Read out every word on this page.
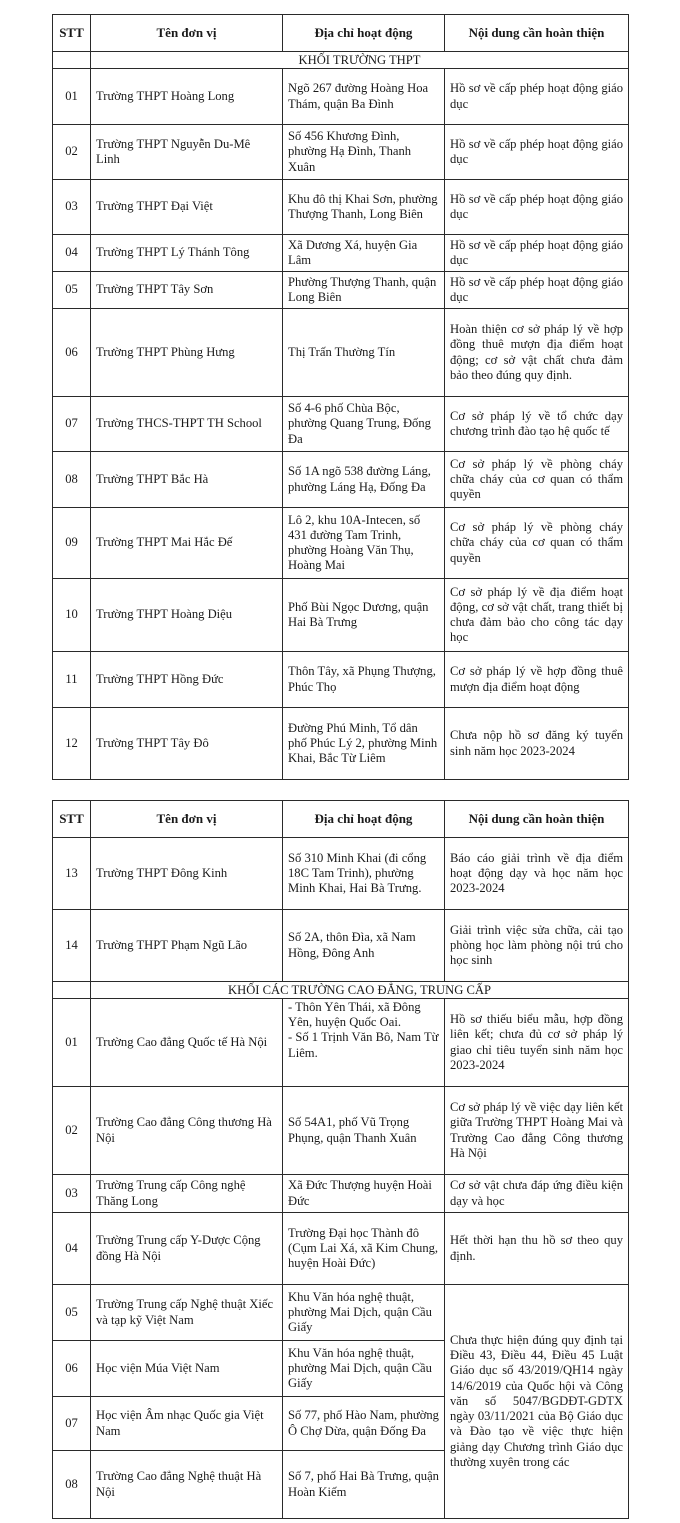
STT	Tên đơn vị	Địa chỉ hoạt động	Nội dung cần hoàn thiện
	KHỐI TRƯỜNG THPT		
01	Trường THPT Hoàng Long	Ngõ 267 đường Hoàng Hoa Thám, quận Ba Đình	Hồ sơ về cấp phép hoạt động giáo dục
02	Trường THPT Nguyễn Du-Mê Linh	Số 456 Khương Đình, phường Hạ Đình, Thanh Xuân	Hồ sơ về cấp phép hoạt động giáo dục
03	Trường THPT Đại Việt	Khu đô thị Khai Sơn, phường Thượng Thanh, Long Biên	Hồ sơ về cấp phép hoạt động giáo dục
04	Trường THPT Lý Thánh Tông	Xã Dương Xá, huyện Gia Lâm	Hồ sơ về cấp phép hoạt động giáo dục
05	Trường THPT Tây Sơn	Phường Thượng Thanh, quận Long Biên	Hồ sơ về cấp phép hoạt động giáo dục
06	Trường THPT Phùng Hưng	Thị Trấn Thường Tín	Hoàn thiện cơ sở pháp lý về hợp đồng thuê mượn địa điểm hoạt động; cơ sở vật chất chưa đảm bảo theo đúng quy định.
07	Trường THCS-THPT TH School	Số 4-6 phố Chùa Bộc, phường Quang Trung, Đống Đa	Cơ sở pháp lý về tổ chức dạy chương trình đào tạo hệ quốc tế
08	Trường THPT Bắc Hà	Số 1A ngõ 538 đường Láng, phường Láng Hạ, Đống Đa	Cơ sở pháp lý về phòng cháy chữa cháy của cơ quan có thẩm quyền
09	Trường THPT Mai Hắc Đế	Lô 2, khu 10A-Intecen, số 431 đường Tam Trinh, phường Hoàng Văn Thụ, Hoàng Mai	Cơ sở pháp lý về phòng cháy chữa cháy của cơ quan có thẩm quyền
10	Trường THPT Hoàng Diệu	Phố Bùi Ngọc Dương, quận Hai Bà Trưng	Cơ sở pháp lý về địa điểm hoạt động, cơ sở vật chất, trang thiết bị chưa đảm bảo cho công tác dạy học
11	Trường THPT Hồng Đức	Thôn Tây, xã Phụng Thượng, Phúc Thọ	Cơ sở pháp lý về hợp đồng thuê mượn địa điểm hoạt động
12	Trường THPT Tây Đô	Đường Phú Minh, Tổ dân phố Phúc Lý 2, phường Minh Khai, Bắc Từ Liêm	Chưa nộp hồ sơ đăng ký tuyển sinh năm học 2023-2024
STT	Tên đơn vị	Địa chỉ hoạt động	Nội dung cần hoàn thiện
13	Trường THPT Đông Kinh	Số 310 Minh Khai (đi cổng 18C Tam Trinh), phường Minh Khai, Hai Bà Trưng.	Báo cáo giải trình về địa điểm hoạt động dạy và học năm học 2023-2024
14	Trường THPT Phạm Ngũ Lão	Số 2A, thôn Đìa, xã Nam Hồng, Đông Anh	Giải trình việc sửa chữa, cải tạo phòng học làm phòng nội trú cho học sinh
	KHỐI CÁC TRƯỜNG CAO ĐẲNG, TRUNG CẤP		
01	Trường Cao đẳng Quốc tế Hà Nội	- Thôn Yên Thái, xã Đông Yên, huyện Quốc Oai.
- Số 1 Trịnh Văn Bô, Nam Từ Liêm.	Hồ sơ thiếu biểu mẫu, hợp đồng liên kết; chưa đủ cơ sở pháp lý giao chỉ tiêu tuyển sinh năm học 2023-2024
02	Trường Cao đẳng Công thương Hà Nội	Số 54A1, phố Vũ Trọng Phụng, quận Thanh Xuân	Cơ sở pháp lý về việc dạy liên kết giữa Trường THPT Hoàng Mai và Trường Cao đẳng Công thương Hà Nội
03	Trường Trung cấp Công nghệ Thăng Long	Xã Đức Thượng huyện Hoài Đức	Cơ sở vật chưa đáp ứng điều kiện dạy và học
04	Trường Trung cấp Y-Dược Cộng đồng Hà Nội	Trường Đại học Thành đô (Cụm Lai Xá, xã Kim Chung, huyện Hoài Đức)	Hết thời hạn thu hồ sơ theo quy định.
05	Trường Trung cấp Nghệ thuật Xiếc và tạp kỹ Việt Nam	Khu Văn hóa nghệ thuật, phường Mai Dịch, quận Cầu Giấy	Chưa thực hiện đúng quy định tại Điều 43, Điều 44, Điều 45 Luật Giáo dục số 43/2019/QH14 ngày 14/6/2019 của Quốc hội và Công văn số 5047/BGDĐT-GDTX ngày 03/11/2021 của Bộ Giáo dục và Đào tạo về việc thực hiện giảng dạy Chương trình Giáo dục thường xuyên trong các
06	Học viện Múa Việt Nam	Khu Văn hóa nghệ thuật, phường Mai Dịch, quận Cầu Giấy	
07	Học viện Âm nhạc Quốc gia Việt Nam	Số 77, phố Hào Nam, phường Ô Chợ Dừa, quận Đống Đa	
08	Trường Cao đẳng Nghệ thuật Hà Nội	Số 7, phố Hai Bà Trưng, quận Hoàn Kiếm	
